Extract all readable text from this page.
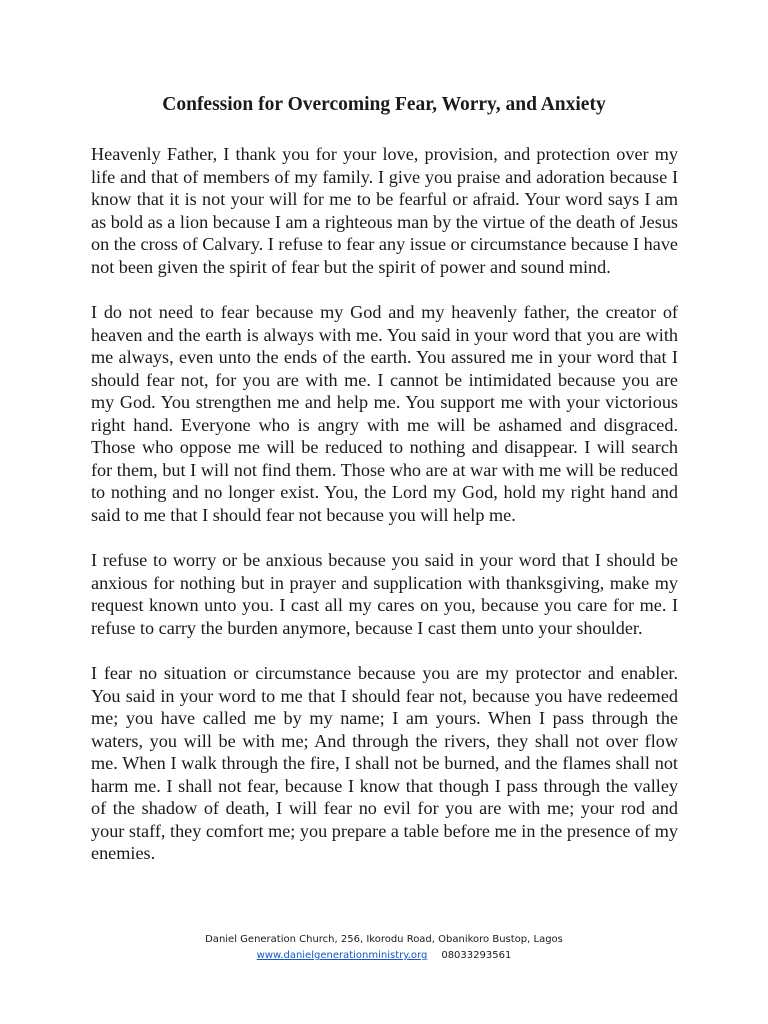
Confession for Overcoming Fear, Worry, and Anxiety

Heavenly Father, I thank you for your love, provision, and protection over my life and that of members of my family. I give you praise and adoration because I know that it is not your will for me to be fearful or afraid. Your word says I am as bold as a lion because I am a righteous man by the virtue of the death of Jesus on the cross of Calvary. I refuse to fear any issue or circumstance because I have not been given the spirit of fear but the spirit of power and sound mind.

I do not need to fear because my God and my heavenly father, the creator of heaven and the earth is always with me. You said in your word that you are with me always, even unto the ends of the earth. You assured me in your word that I should fear not, for you are with me. I cannot be intimidated because you are my God. You strengthen me and help me. You support me with your victorious right hand. Everyone who is angry with me will be ashamed and disgraced. Those who oppose me will be reduced to nothing and disappear. I will search for them, but I will not find them. Those who are at war with me will be reduced to nothing and no longer exist. You, the Lord my God, hold my right hand and said to me that I should fear not because you will help me.

I refuse to worry or be anxious because you said in your word that I should be anxious for nothing but in prayer and supplication with thanksgiving, make my request known unto you. I cast all my cares on you, because you care for me. I refuse to carry the burden anymore, because I cast them unto your shoulder.

I fear no situation or circumstance because you are my protector and enabler. You said in your word to me that I should fear not, because you have redeemed me; you have called me by my name; I am yours. When I pass through the waters, you will be with me; And through the rivers, they shall not over flow me. When I walk through the fire, I shall not be burned, and the flames shall not harm me. I shall not fear, because I know that though I pass through the valley of the shadow of death, I will fear no evil for you are with me; your rod and your staff, they comfort me; you prepare a table before me in the presence of my enemies.

Daniel Generation Church, 256, Ikorodu Road, Obanikoro Bustop, Lagos
www.danielgenerationministry.org 08033293561
